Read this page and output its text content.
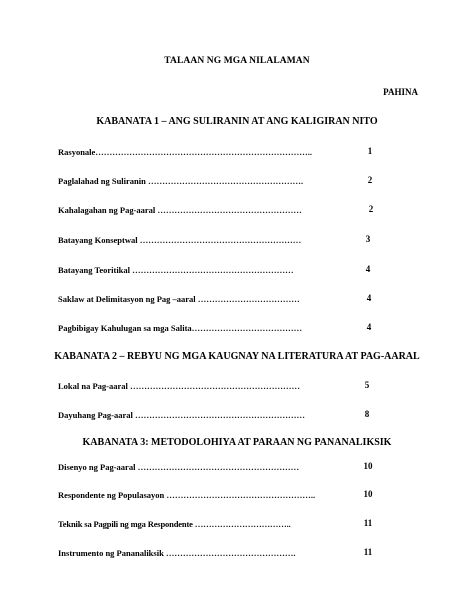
TALAAN NG MGA NILALAMAN
PAHINA
KABANATA 1 – ANG SULIRANIN AT ANG KALIGIRAN NITO
Rasyonale…………………………………………………………………..	1
Paglalahad ng Suliranin ……………………………………………….	2
Kahalagahan ng Pag-aaral ……………………………………………	2
Batayang Konseptwal …………………………………………………	3
Batayang Teoritikal …………………………………………………	4
Saklaw at Delimitasyon ng Pag –aaral ………………………………	4
Pagbibigay Kahulugan sa mga Salita…………………………………	4
KABANATA 2 – REBYU NG MGA KAUGNAY NA LITERATURA AT PAG-AARAL
Lokal na Pag-aaral ……………………………………………………	5
Dayuhang Pag-aaral ……………………………………………………	8
KABANATA 3: METODOLOHIYA AT PARAAN NG PANANALIKSIK
Disenyo ng Pag-aaral …………………………………………………	10
Respondente ng Populasayon ……………………………………………..	10
Teknik sa Pagpili ng mga Respondente ……………………………..	11
Instrumento ng Pananaliksik ……………………………………….	11
